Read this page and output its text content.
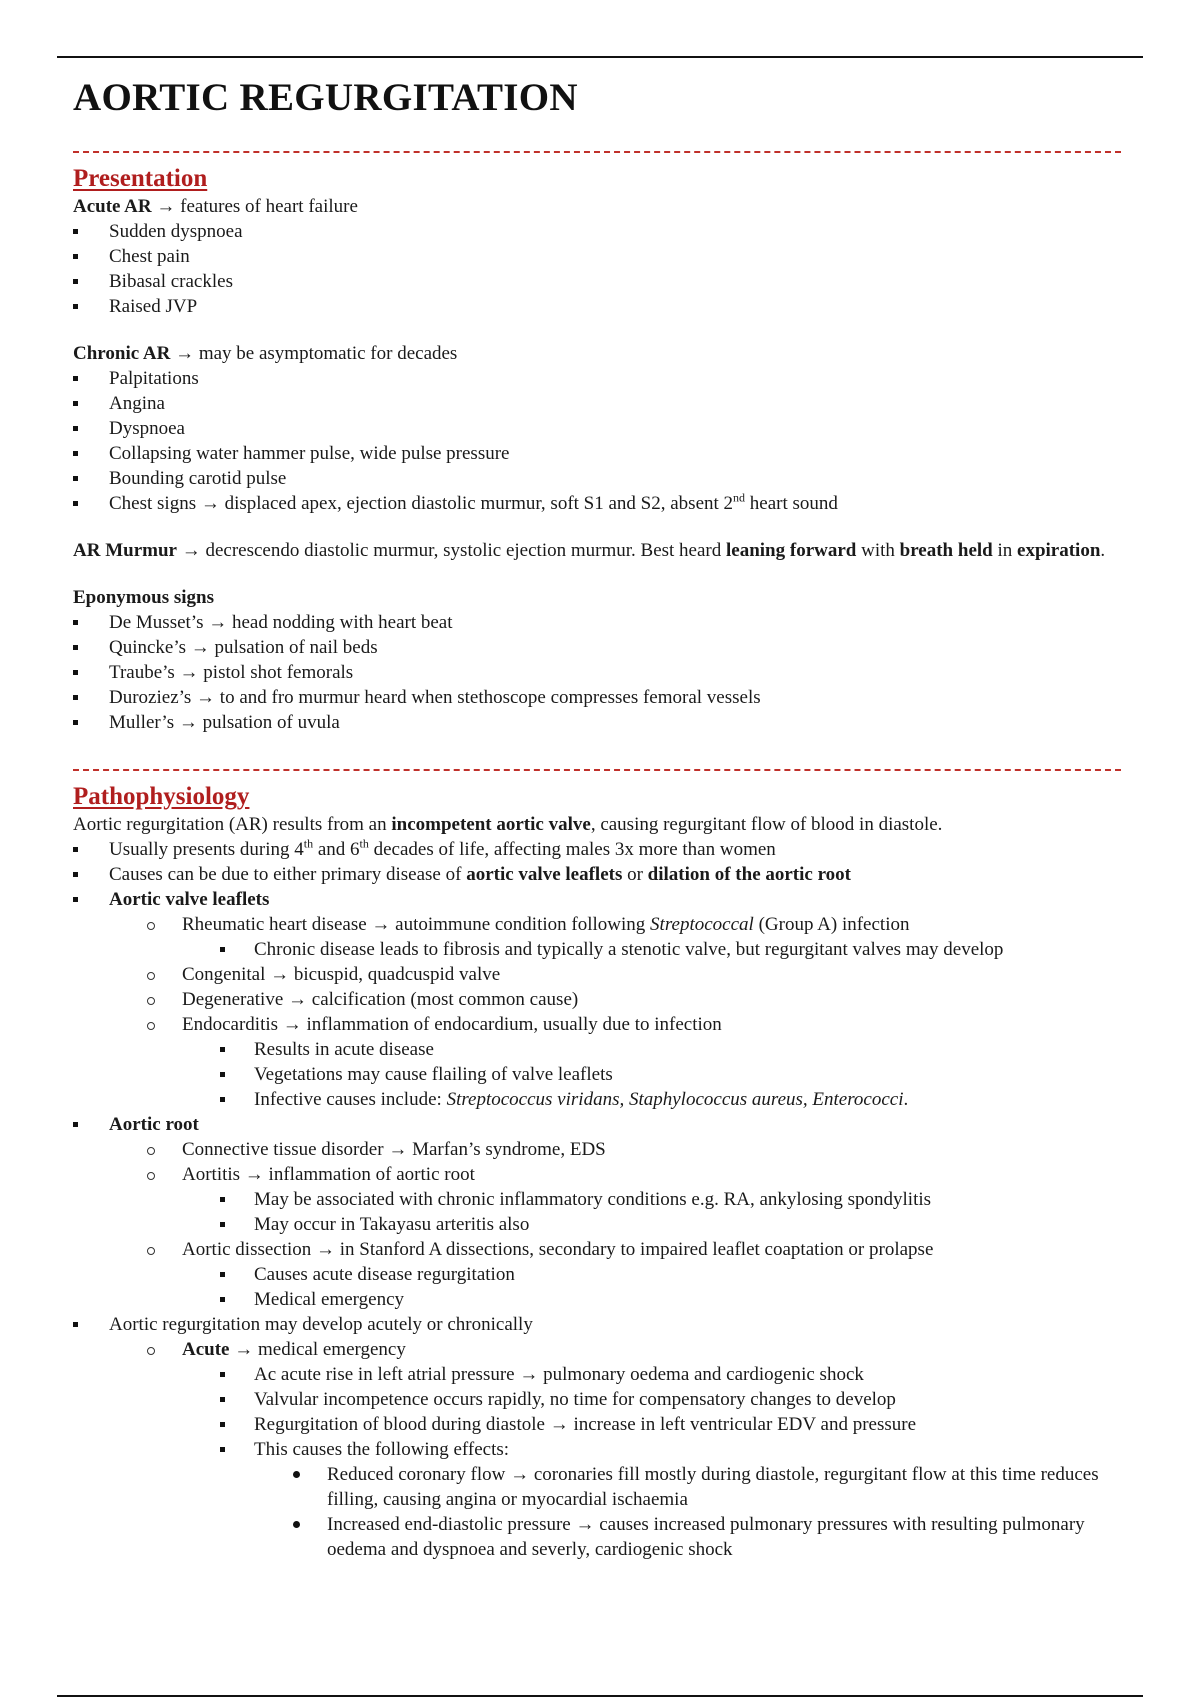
AORTIC REGURGITATION
Presentation

Acute AR → features of heart failure

Sudden dyspnoea
Chest pain
Bibasal crackles
Raised JVP

Chronic AR → may be asymptomatic for decades

Palpitations
Angina
Dyspnoea
Collapsing water hammer pulse, wide pulse pressure
Bounding carotid pulse
Chest signs → displaced apex, ejection diastolic murmur, soft S1 and S2, absent 2nd heart sound

AR Murmur → decrescendo diastolic murmur, systolic ejection murmur. Best heard leaning forward with breath held in expiration.

Eponymous signs

De Musset’s → head nodding with heart beat
Quincke’s → pulsation of nail beds
Traube’s → pistol shot femorals
Duroziez’s → to and fro murmur heard when stethoscope compresses femoral vessels
Muller’s → pulsation of uvula
Pathophysiology

Aortic regurgitation (AR) results from an incompetent aortic valve, causing regurgitant flow of blood in diastole.

Usually presents during 4th and 6th decades of life, affecting males 3x more than women
Causes can be due to either primary disease of aortic valve leaflets or dilation of the aortic root
Aortic valve leaflets
Rheumatic heart disease → autoimmune condition following Streptococcal (Group A) infection
Chronic disease leads to fibrosis and typically a stenotic valve, but regurgitant valves may develop
Congenital → bicuspid, quadcuspid valve
Degenerative → calcification (most common cause)
Endocarditis → inflammation of endocardium, usually due to infection
Results in acute disease
Vegetations may cause flailing of valve leaflets
Infective causes include: Streptococcus viridans, Staphylococcus aureus, Enterococci.
Aortic root
Connective tissue disorder → Marfan’s syndrome, EDS
Aortitis → inflammation of aortic root
May be associated with chronic inflammatory conditions e.g. RA, ankylosing spondylitis
May occur in Takayasu arteritis also
Aortic dissection → in Stanford A dissections, secondary to impaired leaflet coaptation or prolapse
Causes acute disease regurgitation
Medical emergency
Aortic regurgitation may develop acutely or chronically
Acute → medical emergency
Ac acute rise in left atrial pressure → pulmonary oedema and cardiogenic shock
Valvular incompetence occurs rapidly, no time for compensatory changes to develop
Regurgitation of blood during diastole → increase in left ventricular EDV and pressure
This causes the following effects:
Reduced coronary flow → coronaries fill mostly during diastole, regurgitant flow at this time reduces filling, causing angina or myocardial ischaemia
Increased end-diastolic pressure → causes increased pulmonary pressures with resulting pulmonary oedema and dyspnoea and severly, cardiogenic shock
